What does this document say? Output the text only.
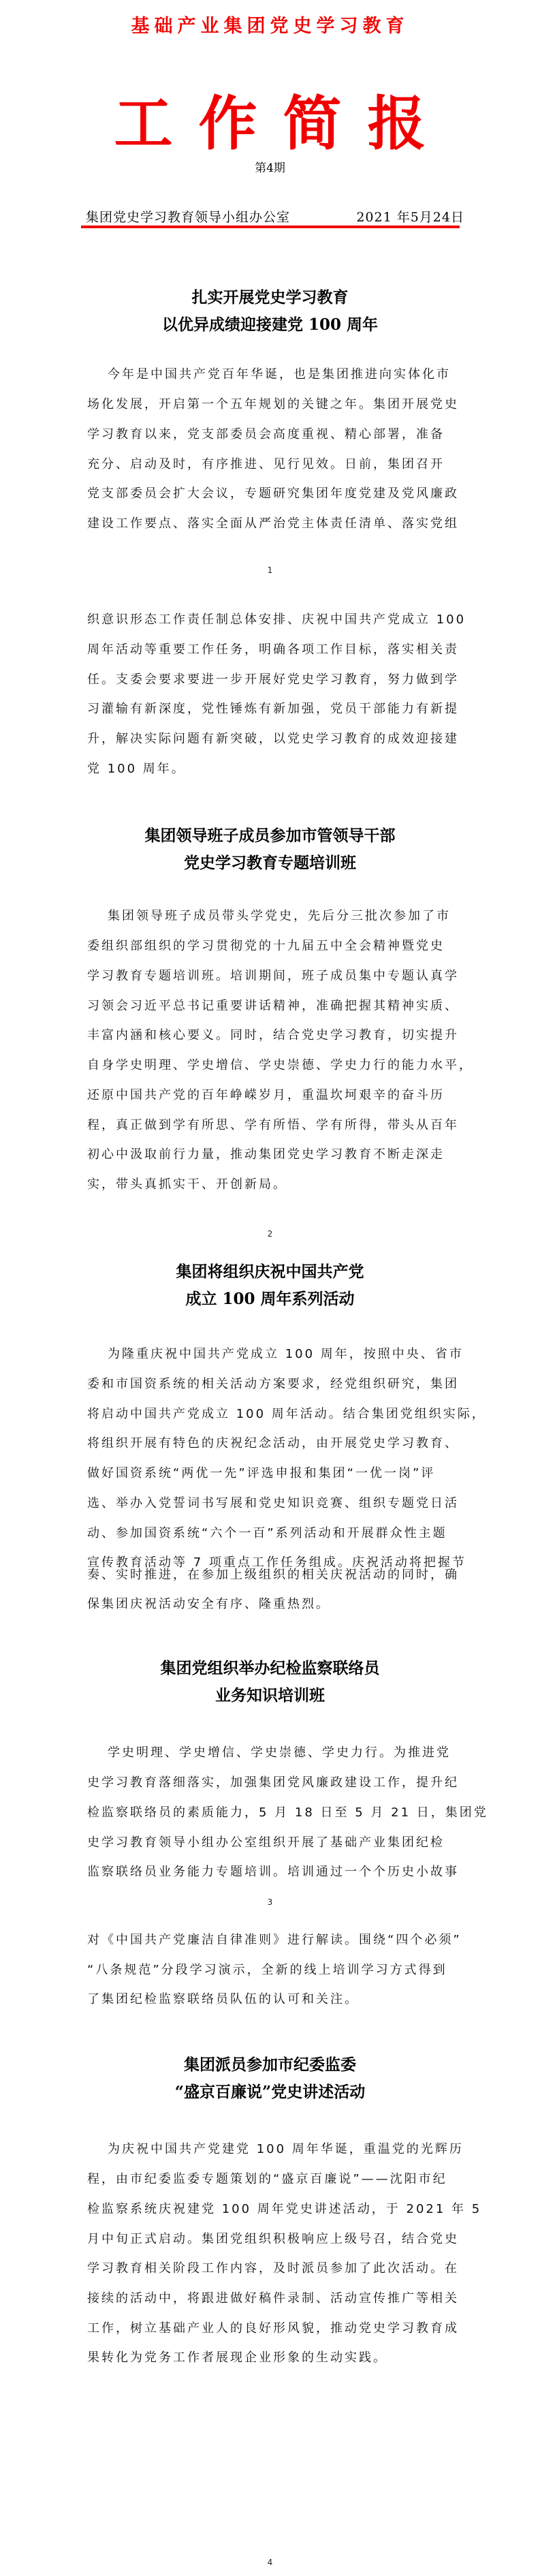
基础产业集团党史学习教育
工作简报
第4期
集团党史学习教育领导小组办公室	2021 年5月24日
扎实开展党史学习教育
以优异成绩迎接建党 100 周年
今年是中国共产党百年华诞，也是集团推进向实体化市
场化发展，开启第一个五年规划的关键之年。集团开展党史
学习教育以来，党支部委员会高度重视、精心部署，准备
充分、启动及时，有序推进、见行见效。日前，集团召开
党支部委员会扩大会议，专题研究集团年度党建及党风廉政
建设工作要点、落实全面从严治党主体责任清单、落实党组
1
织意识形态工作责任制总体安排、庆祝中国共产党成立 100
周年活动等重要工作任务，明确各项工作目标，落实相关责
任。支委会要求要进一步开展好党史学习教育，努力做到学
习灌输有新深度，党性锤炼有新加强，党员干部能力有新提
升，解决实际问题有新突破，以党史学习教育的成效迎接建
党 100 周年。
集团领导班子成员参加市管领导干部
党史学习教育专题培训班
集团领导班子成员带头学党史，先后分三批次参加了市
委组织部组织的学习贯彻党的十九届五中全会精神暨党史
学习教育专题培训班。培训期间，班子成员集中专题认真学
习领会习近平总书记重要讲话精神，准确把握其精神实质、
丰富内涵和核心要义。同时，结合党史学习教育，切实提升
自身学史明理、学史增信、学史崇德、学史力行的能力水平，
还原中国共产党的百年峥嵘岁月，重温坎坷艰辛的奋斗历
程，真正做到学有所思、学有所悟、学有所得，带头从百年
初心中汲取前行力量，推动集团党史学习教育不断走深走
实，带头真抓实干、开创新局。
2
集团将组织庆祝中国共产党
成立 100 周年系列活动
为隆重庆祝中国共产党成立 100 周年，按照中央、省市
委和市国资系统的相关活动方案要求，经党组织研究，集团
将启动中国共产党成立 100 周年活动。结合集团党组织实际，
将组织开展有特色的庆祝纪念活动，由开展党史学习教育、
做好国资系统“两优一先”评选申报和集团“一优一岗”评
选、举办入党誓词书写展和党史知识竞赛、组织专题党日活
动、参加国资系统“六个一百”系列活动和开展群众性主题
宣传教育活动等 7 项重点工作任务组成。庆祝活动将把握节
奏、实时推进，在参加上级组织的相关庆祝活动的同时，确
保集团庆祝活动安全有序、隆重热烈。
集团党组织举办纪检监察联络员
业务知识培训班
学史明理、学史增信、学史崇德、学史力行。为推进党
史学习教育落细落实，加强集团党风廉政建设工作，提升纪
检监察联络员的素质能力，5 月 18 日至 5 月 21 日，集团党
史学习教育领导小组办公室组织开展了基础产业集团纪检
监察联络员业务能力专题培训。培训通过一个个历史小故事
3
对《中国共产党廉洁自律准则》进行解读。围绕“四个必须”
“八条规范”分段学习演示，全新的线上培训学习方式得到
了集团纪检监察联络员队伍的认可和关注。
集团派员参加市纪委监委
“盛京百廉说”党史讲述活动
为庆祝中国共产党建党 100 周年华诞，重温党的光辉历
程，由市纪委监委专题策划的“盛京百廉说”——沈阳市纪
检监察系统庆祝建党 100 周年党史讲述活动，于 2021 年 5
月中旬正式启动。集团党组织积极响应上级号召，结合党史
学习教育相关阶段工作内容，及时派员参加了此次活动。在
接续的活动中，将跟进做好稿件录制、活动宣传推广等相关
工作，树立基础产业人的良好形风貌，推动党史学习教育成
果转化为党务工作者展现企业形象的生动实践。
4
